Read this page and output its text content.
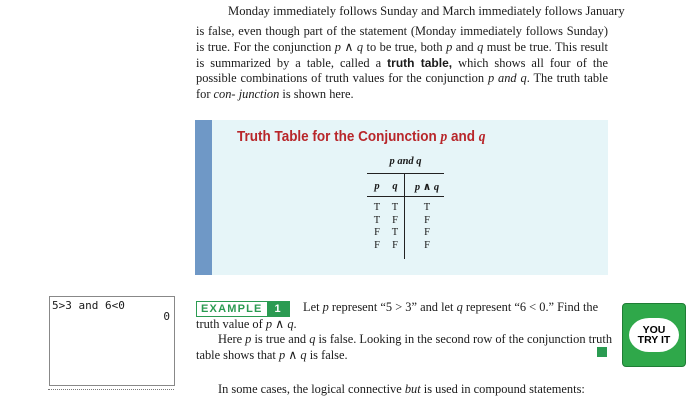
Monday immediately follows Sunday and March immediately follows January
is false, even though part of the statement (Monday immediately follows Sunday) is true. For the conjunction p ∧ q to be true, both p and q must be true. This result is summarized by a table, called a truth table, which shows all four of the possible combinations of truth values for the conjunction p and q. The truth table for con- junction is shown here.
Truth Table for the Conjunction p and q
p and q
p	q	p ∧ q
T	T	T
T	F	F
F	T	F
F	F	F
5>3 and 6<0
0
EXAMPLE	1	Let p represent “5 > 3” and let q represent “6 < 0.” Find the
truth value of p ∧ q.
Here p is true and q is false. Looking in the second row of the conjunction truth
table shows that p ∧ q is false.
YOU
TRY IT
In some cases, the logical connective but is used in compound statements:
